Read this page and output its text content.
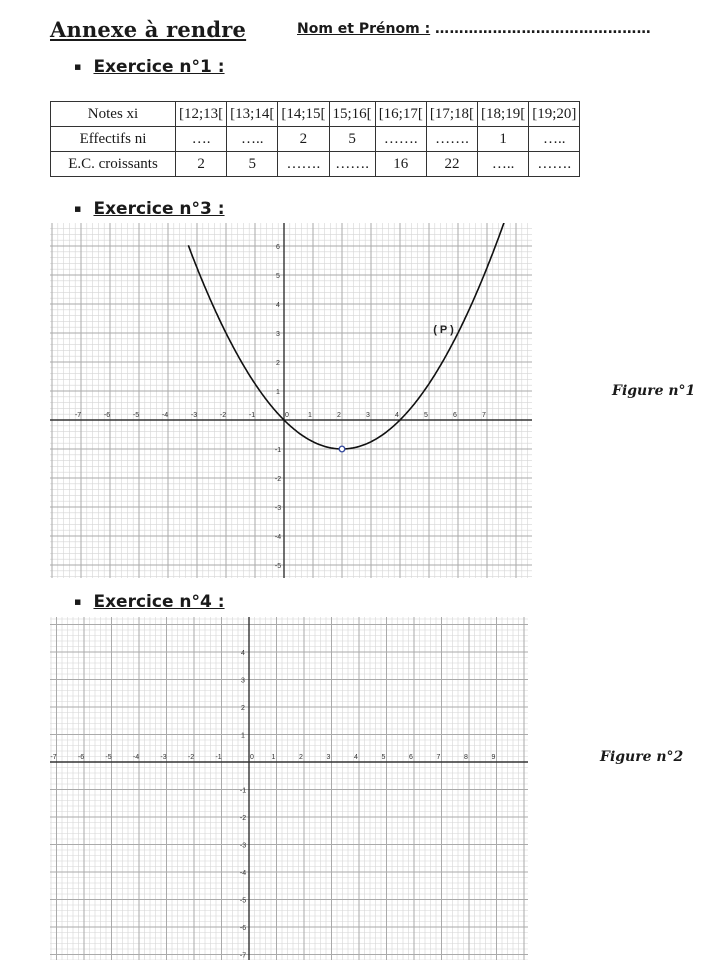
Annexe à rendre	Nom et Prénom : ………………………………………
▪ Exercice n°1 :
Notes xi	[12;13[	[13;14[	[14;15[	15;16[	[16;17[	[17;18[	[18;19[	[19;20]
Effectifs ni	….	…..	2	5	…….	…….	1	…..
E.C. croissants	2	5	…….	…….	16	22	…..	…….
▪ Exercice n°3 :
-7	-6	-5	-4	-3	-2	-1	0	1	2	3	4	5	6	7
6
5
4
3
2
1
-1
-2
-3
-4
-5
( P )
Figure n°1
▪ Exercice n°4 :
-7	-6	-5	-4	-3	-2	-1	0	1	2	3	4	5	6	7	8	9
4
3
2
1
-1
-2
-3
-4
-5
-6
-7
Figure n°2
